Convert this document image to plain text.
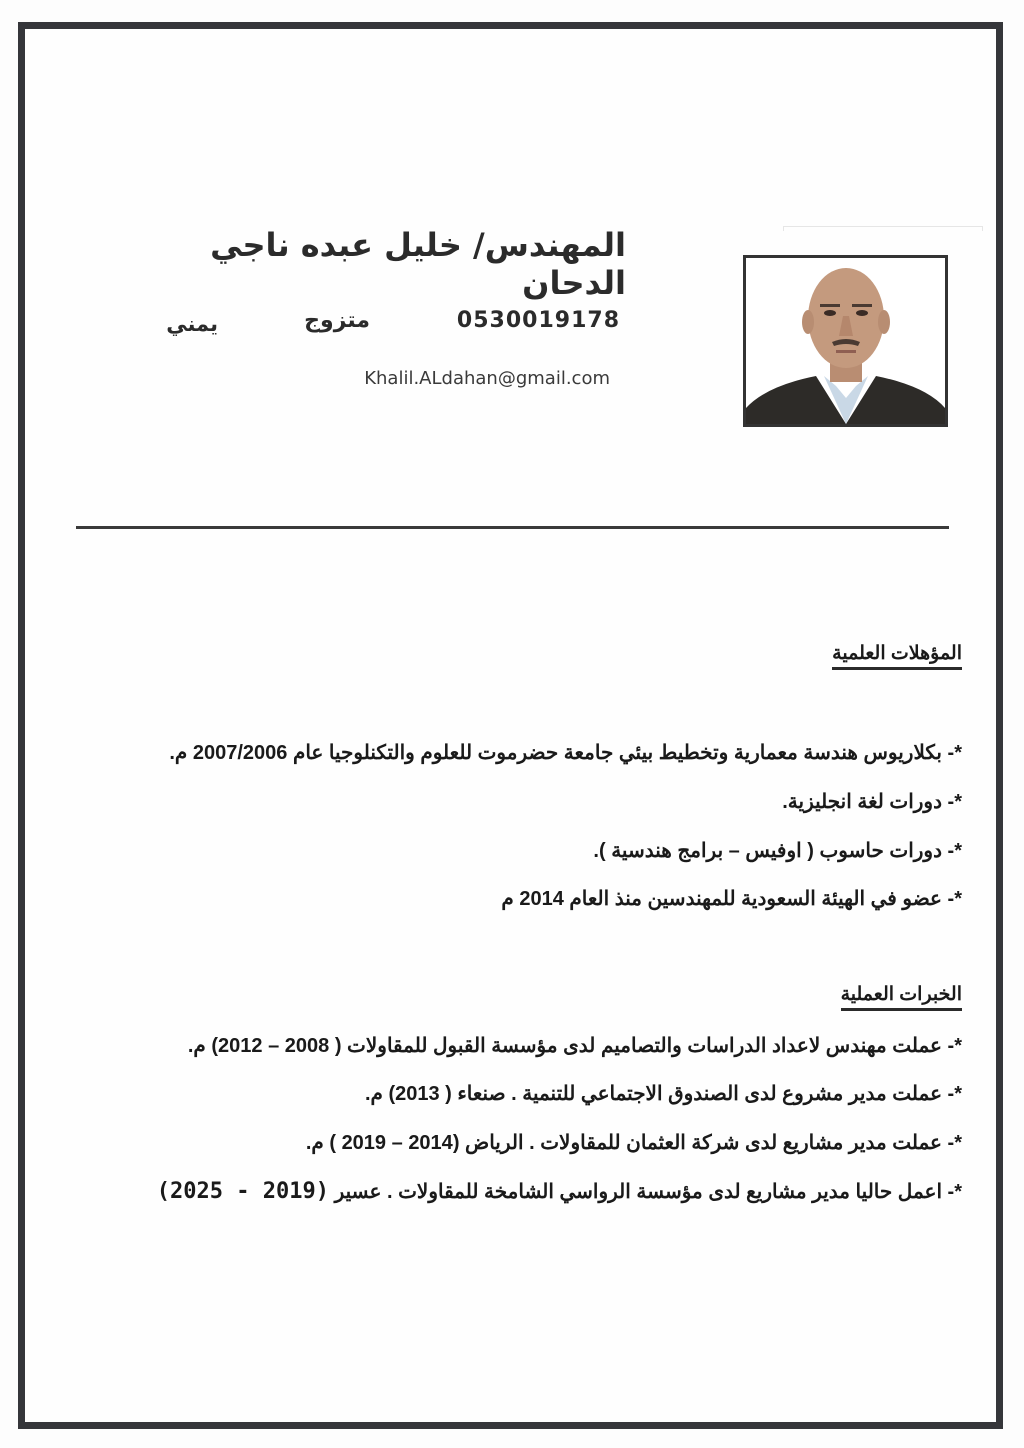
المهندس/ خليل عبده ناجي الدحان
0530019178
متزوج
يمني
Khalil.ALdahan@gmail.com
المؤهلات العلمية
*- بكلاريوس هندسة معمارية وتخطيط بيئي جامعة حضرموت للعلوم والتكنلوجيا عام 2007/2006 م.
*- دورات لغة انجليزية.
*- دورات حاسوب ( اوفيس – برامج هندسية ).
*- عضو في الهيئة السعودية للمهندسين منذ العام 2014 م
الخبرات العملية
*- عملت مهندس لاعداد الدراسات والتصاميم لدى مؤسسة القبول للمقاولات ( 2008 – 2012) م.
*- عملت مدير مشروع لدى الصندوق الاجتماعي للتنمية . صنعاء ( 2013) م.
*- عملت مدير مشاريع لدى شركة العثمان للمقاولات . الرياض (2014 – 2019 ) م.
*- اعمل حاليا مدير مشاريع لدى مؤسسة الرواسي الشامخة للمقاولات . عسير (2019 - 2025)
